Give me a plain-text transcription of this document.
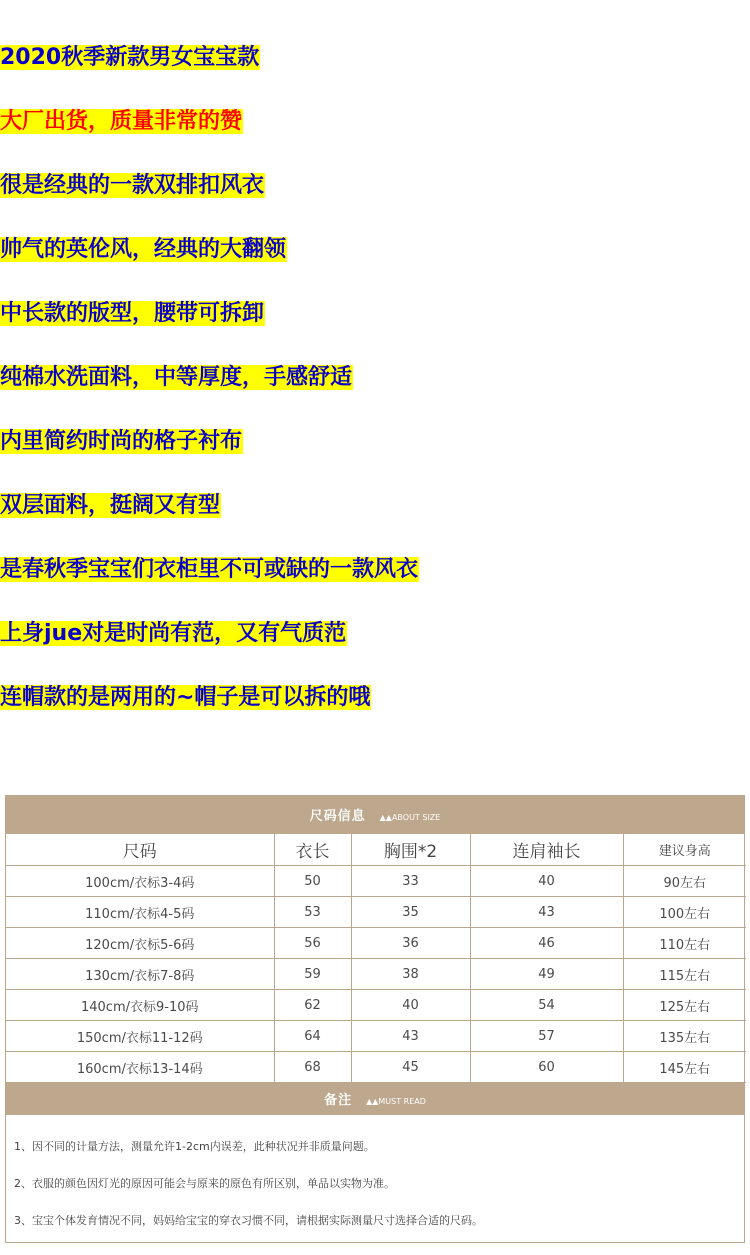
2020秋季新款男女宝宝款
大厂出货，质量非常的赞
很是经典的一款双排扣风衣
帅气的英伦风，经典的大翻领
中长款的版型，腰带可拆卸
纯棉水洗面料，中等厚度，手感舒适
内里简约时尚的格子衬布
双层面料，挺阔又有型
是春秋季宝宝们衣柜里不可或缺的一款风衣
上身jue对是时尚有范，又有气质范
连帽款的是两用的~帽子是可以拆的哦
尺码信息 ▲▲ABOUT SIZE
尺码	衣长	胸围*2	连肩袖长	建议身高
100cm/衣标3-4码	50	33	40	90左右
110cm/衣标4-5码	53	35	43	100左右
120cm/衣标5-6码	56	36	46	110左右
130cm/衣标7-8码	59	38	49	115左右
140cm/衣标9-10码	62	40	54	125左右
150cm/衣标11-12码	64	43	57	135左右
160cm/衣标13-14码	68	45	60	145左右
备注 ▲▲MUST READ
1、因不同的计量方法，测量允许1-2cm内误差，此种状况并非质量问题。
2、衣服的颜色因灯光的原因可能会与原来的原色有所区别，单品以实物为准。
3、宝宝个体发育情况不同，妈妈给宝宝的穿衣习惯不同，请根据实际测量尺寸选择合适的尺码。
